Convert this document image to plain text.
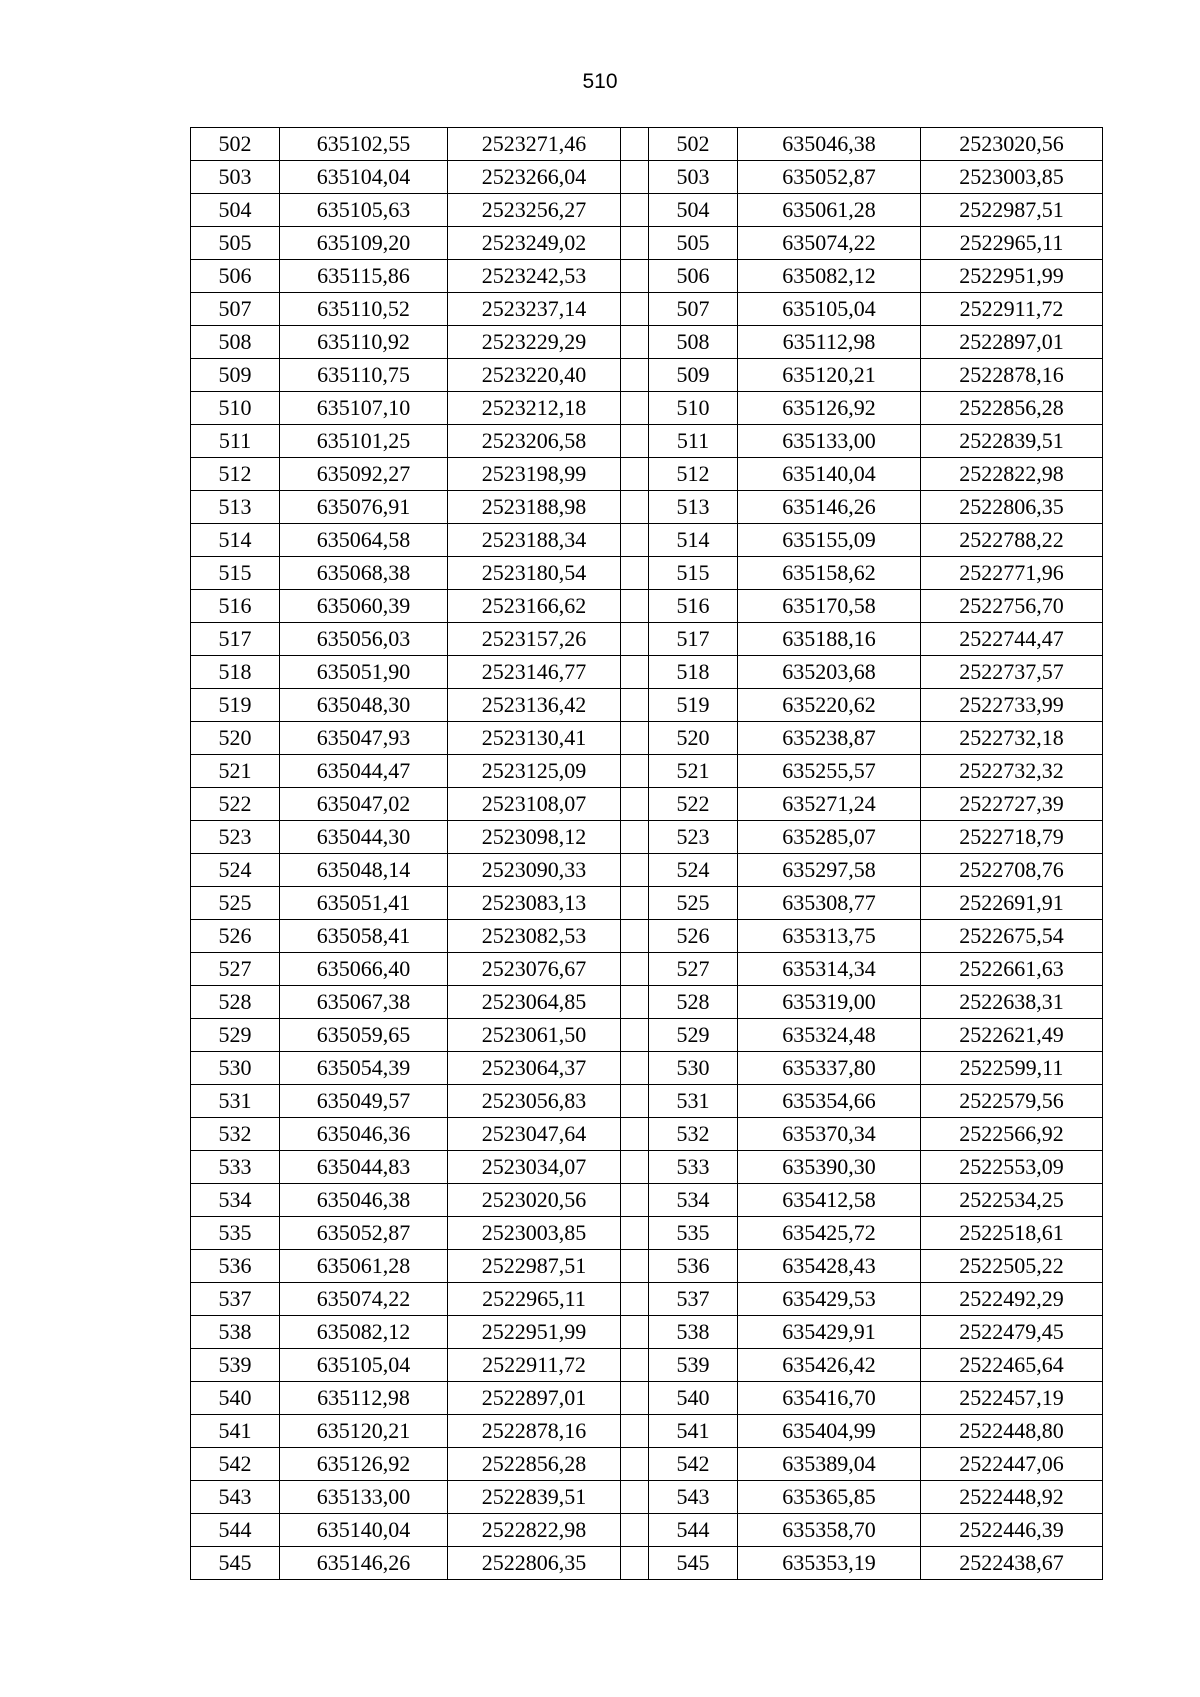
510
502	635102,55	2523271,46		502	635046,38	2523020,56
503	635104,04	2523266,04		503	635052,87	2523003,85
504	635105,63	2523256,27		504	635061,28	2522987,51
505	635109,20	2523249,02		505	635074,22	2522965,11
506	635115,86	2523242,53		506	635082,12	2522951,99
507	635110,52	2523237,14		507	635105,04	2522911,72
508	635110,92	2523229,29		508	635112,98	2522897,01
509	635110,75	2523220,40		509	635120,21	2522878,16
510	635107,10	2523212,18		510	635126,92	2522856,28
511	635101,25	2523206,58		511	635133,00	2522839,51
512	635092,27	2523198,99		512	635140,04	2522822,98
513	635076,91	2523188,98		513	635146,26	2522806,35
514	635064,58	2523188,34		514	635155,09	2522788,22
515	635068,38	2523180,54		515	635158,62	2522771,96
516	635060,39	2523166,62		516	635170,58	2522756,70
517	635056,03	2523157,26		517	635188,16	2522744,47
518	635051,90	2523146,77		518	635203,68	2522737,57
519	635048,30	2523136,42		519	635220,62	2522733,99
520	635047,93	2523130,41		520	635238,87	2522732,18
521	635044,47	2523125,09		521	635255,57	2522732,32
522	635047,02	2523108,07		522	635271,24	2522727,39
523	635044,30	2523098,12		523	635285,07	2522718,79
524	635048,14	2523090,33		524	635297,58	2522708,76
525	635051,41	2523083,13		525	635308,77	2522691,91
526	635058,41	2523082,53		526	635313,75	2522675,54
527	635066,40	2523076,67		527	635314,34	2522661,63
528	635067,38	2523064,85		528	635319,00	2522638,31
529	635059,65	2523061,50		529	635324,48	2522621,49
530	635054,39	2523064,37		530	635337,80	2522599,11
531	635049,57	2523056,83		531	635354,66	2522579,56
532	635046,36	2523047,64		532	635370,34	2522566,92
533	635044,83	2523034,07		533	635390,30	2522553,09
534	635046,38	2523020,56		534	635412,58	2522534,25
535	635052,87	2523003,85		535	635425,72	2522518,61
536	635061,28	2522987,51		536	635428,43	2522505,22
537	635074,22	2522965,11		537	635429,53	2522492,29
538	635082,12	2522951,99		538	635429,91	2522479,45
539	635105,04	2522911,72		539	635426,42	2522465,64
540	635112,98	2522897,01		540	635416,70	2522457,19
541	635120,21	2522878,16		541	635404,99	2522448,80
542	635126,92	2522856,28		542	635389,04	2522447,06
543	635133,00	2522839,51		543	635365,85	2522448,92
544	635140,04	2522822,98		544	635358,70	2522446,39
545	635146,26	2522806,35		545	635353,19	2522438,67
